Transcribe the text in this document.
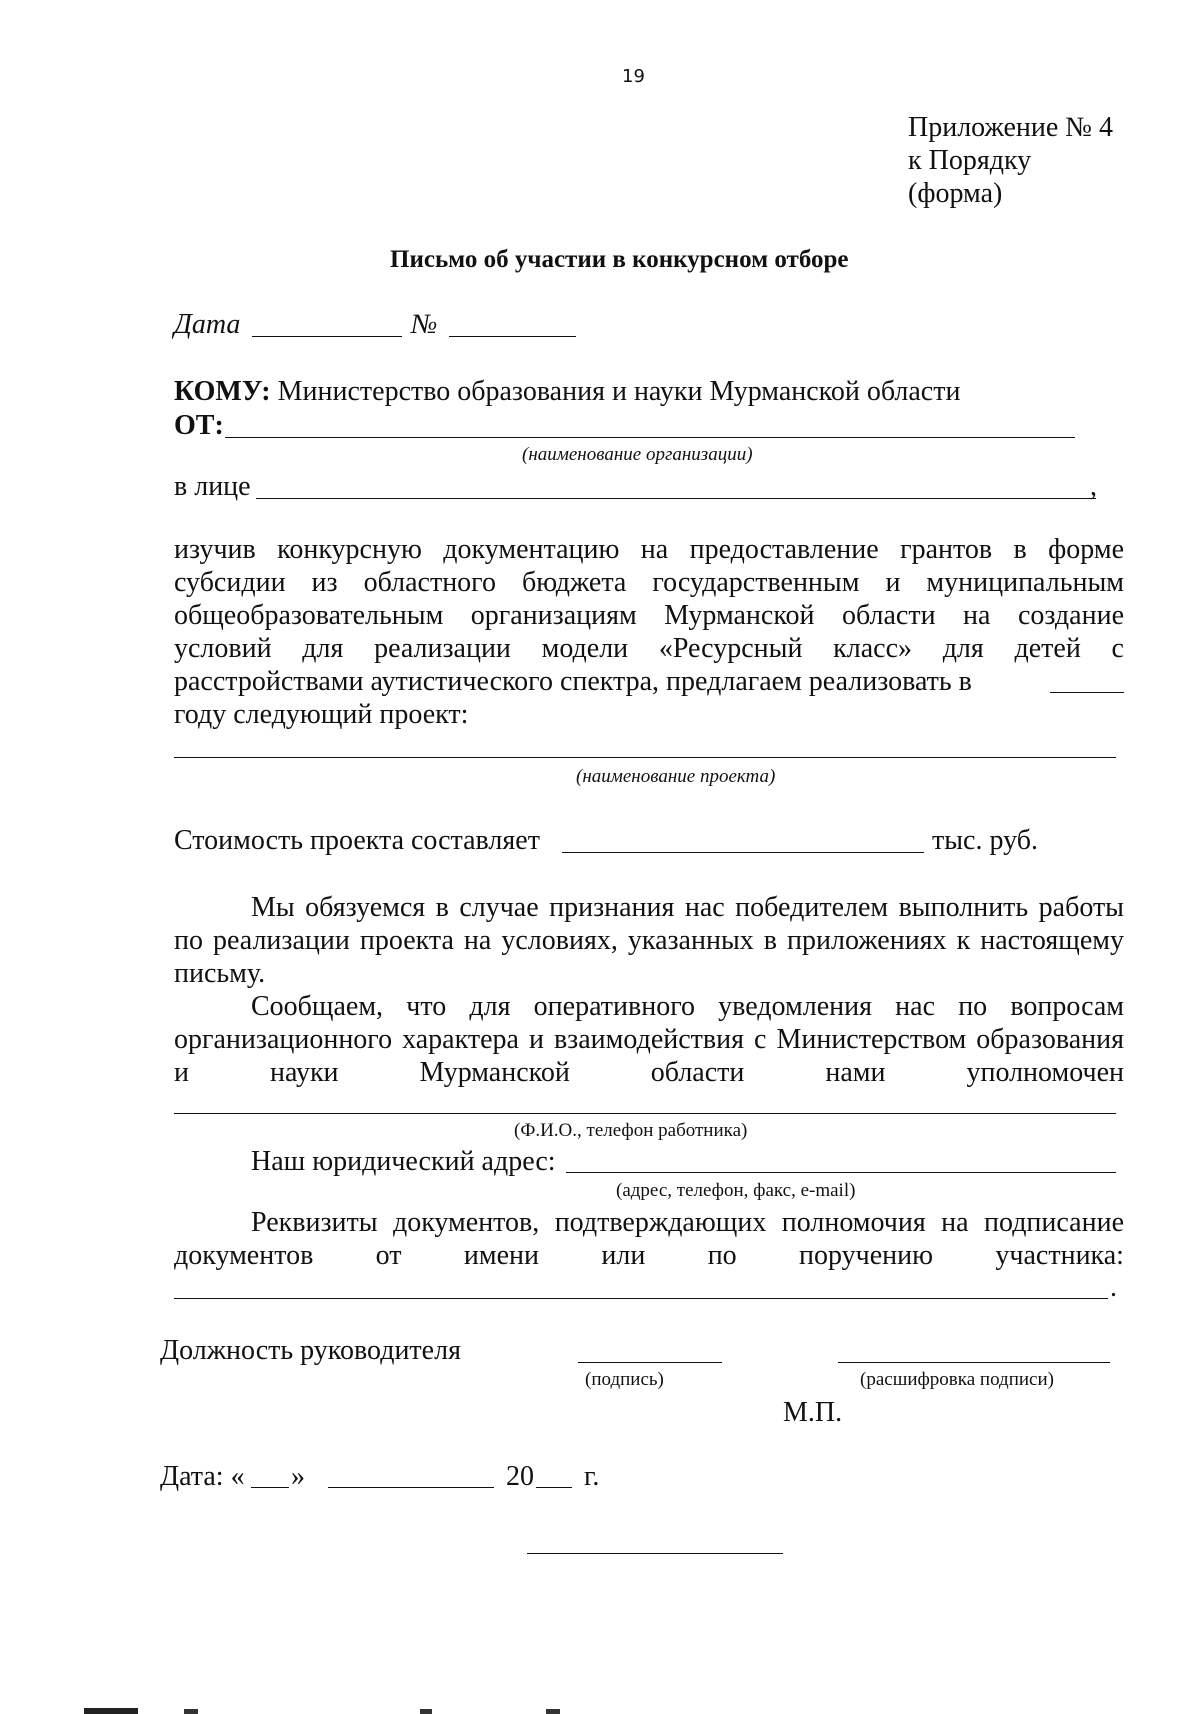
19
Приложение № 4
к Порядку
(форма)
Письмо об участии в конкурсном отборе
Дата	№
КОМУ: Министерство образования и науки Мурманской области
ОТ:
(наименование организации)
в лице	,
изучив конкурсную документацию на предоставление грантов в форме
субсидии из областного бюджета государственным и муниципальным
общеобразовательным организациям Мурманской области на создание
условий для реализации модели «Ресурсный класс» для детей с
расстройствами аутистического спектра, предлагаем реализовать в
году следующий проект:
(наименование проекта)
Стоимость проекта составляет	тыс. руб.
Мы обязуемся в случае признания нас победителем выполнить работы
по реализации проекта на условиях, указанных в приложениях к настоящему
письму.
Сообщаем, что для оперативного уведомления нас по вопросам
организационного характера и взаимодействия с Министерством образования
и	науки	Мурманской	области	нами	уполномочен
(Ф.И.О., телефон работника)
Наш юридический адрес:
(адрес, телефон, факс, e-mail)
Реквизиты документов, подтверждающих полномочия на подписание
документов от имени или по поручению участника:
.
Должность руководителя
(подпись)	(расшифровка подписи)
М.П.
Дата: « »	20 г.
